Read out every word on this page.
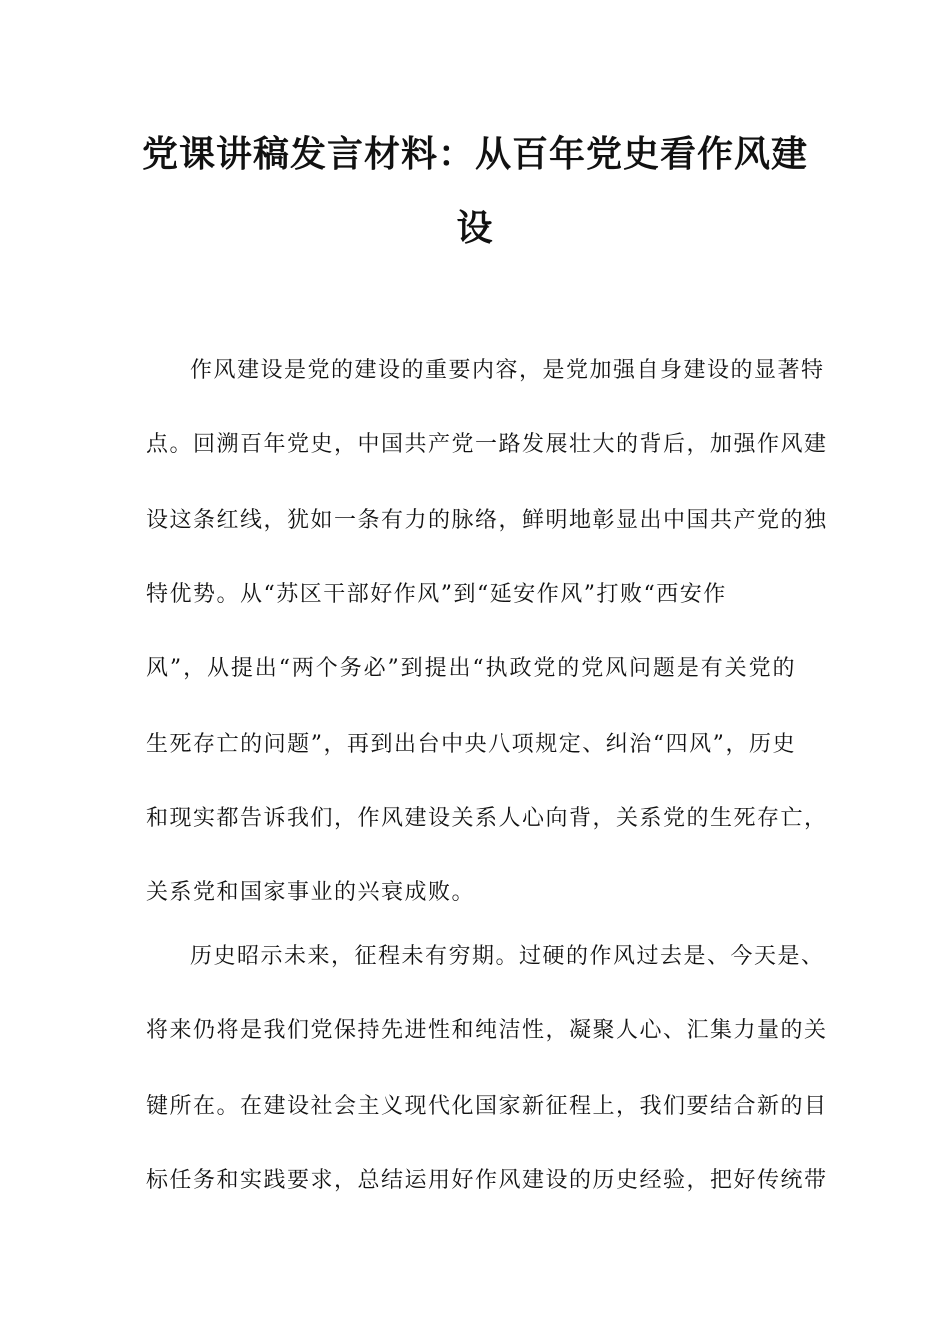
党课讲稿发言材料：从百年党史看作风建
设
作风建设是党的建设的重要内容，是党加强自身建设的显著特
点。回溯百年党史，中国共产党一路发展壮大的背后，加强作风建
设这条红线，犹如一条有力的脉络，鲜明地彰显出中国共产党的独
特优势。从“苏区干部好作风”到“延安作风”打败“西安作
风”，从提出“两个务必”到提出“执政党的党风问题是有关党的
生死存亡的问题”，再到出台中央八项规定、纠治“四风”，历史
和现实都告诉我们，作风建设关系人心向背，关系党的生死存亡，
关系党和国家事业的兴衰成败。
历史昭示未来，征程未有穷期。过硬的作风过去是、今天是、
将来仍将是我们党保持先进性和纯洁性，凝聚人心、汇集力量的关
键所在。在建设社会主义现代化国家新征程上，我们要结合新的目
标任务和实践要求，总结运用好作风建设的历史经验，把好传统带
